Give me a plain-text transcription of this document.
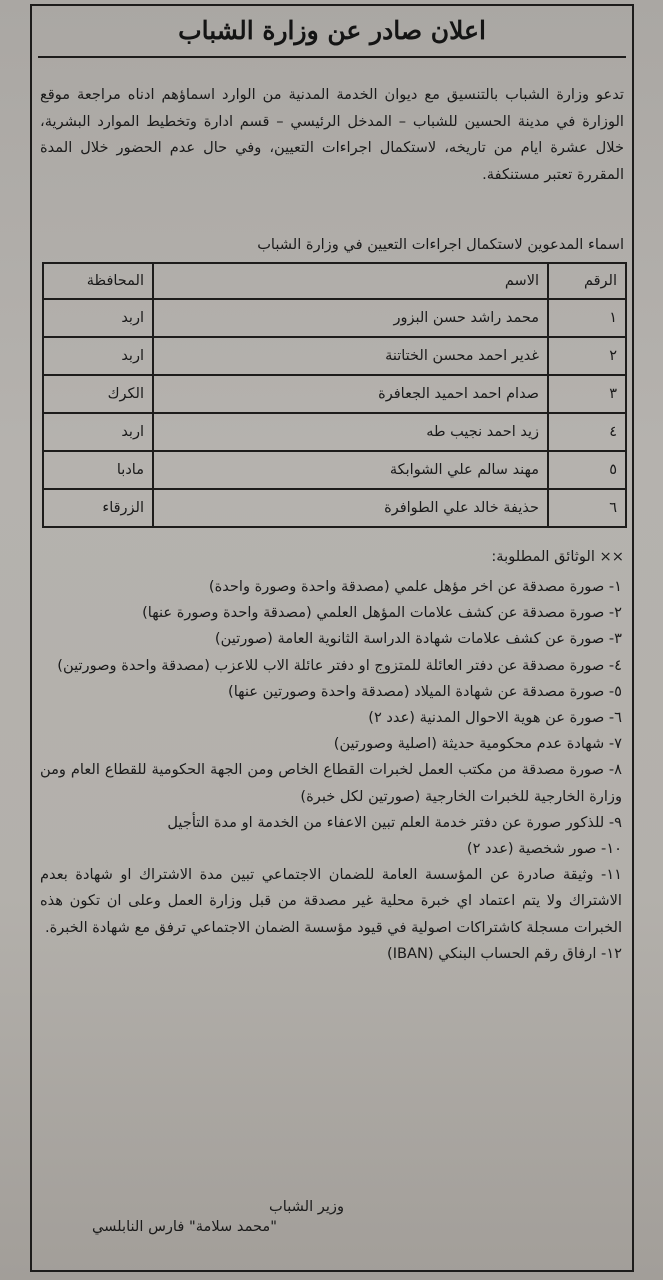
اعلان صادر عن وزارة الشباب
تدعو وزارة الشباب بالتنسيق مع ديوان الخدمة المدنية من الوارد اسماؤهم ادناه مراجعة موقع الوزارة في مدينة الحسين للشباب – المدخل الرئيسي – قسم ادارة وتخطيط الموارد البشرية، خلال عشرة ايام من تاريخه، لاستكمال اجراءات التعيين، وفي حال عدم الحضور خلال المدة المقررة تعتبر مستنكفة.
اسماء المدعوين لاستكمال اجراءات التعيين في وزارة الشباب
الرقم	الاسم	المحافظة
١	محمد راشد حسن البزور	اربد
٢	غدير احمد محسن الختاتنة	اربد
٣	صدام احمد احميد الجعافرة	الكرك
٤	زيد احمد نجيب طه	اربد
٥	مهند سالم علي الشوابكة	مادبا
٦	حذيفة خالد علي الطوافرة	الزرقاء
×× الوثائق المطلوبة:
١- صورة مصدقة عن اخر مؤهل علمي (مصدقة واحدة وصورة واحدة)
٢- صورة مصدقة عن كشف علامات المؤهل العلمي (مصدقة واحدة وصورة عنها)
٣- صورة عن كشف علامات شهادة الدراسة الثانوية العامة (صورتين)
٤- صورة مصدقة عن دفتر العائلة للمتزوج او دفتر عائلة الاب للاعزب (مصدقة واحدة وصورتين)
٥- صورة مصدقة عن شهادة الميلاد (مصدقة واحدة وصورتين عنها)
٦- صورة عن هوية الاحوال المدنية (عدد ٢)
٧- شهادة عدم محكومية حديثة (اصلية وصورتين)
٨- صورة مصدقة من مكتب العمل لخبرات القطاع الخاص ومن الجهة الحكومية للقطاع العام ومن وزارة الخارجية للخبرات الخارجية (صورتين لكل خبرة)
٩- للذكور صورة عن دفتر خدمة العلم تبين الاعفاء من الخدمة او مدة التأجيل
١٠- صور شخصية (عدد ٢)
١١- وثيقة صادرة عن المؤسسة العامة للضمان الاجتماعي تبين مدة الاشتراك او شهادة بعدم الاشتراك ولا يتم اعتماد اي خبرة محلية غير مصدقة من قبل وزارة العمل وعلى ان تكون هذه الخبرات مسجلة كاشتراكات اصولية في قيود مؤسسة الضمان الاجتماعي ترفق مع شهادة الخبرة.
١٢- ارفاق رقم الحساب البنكي (IBAN)
وزير الشباب
"محمد سلامة" فارس النابلسي
